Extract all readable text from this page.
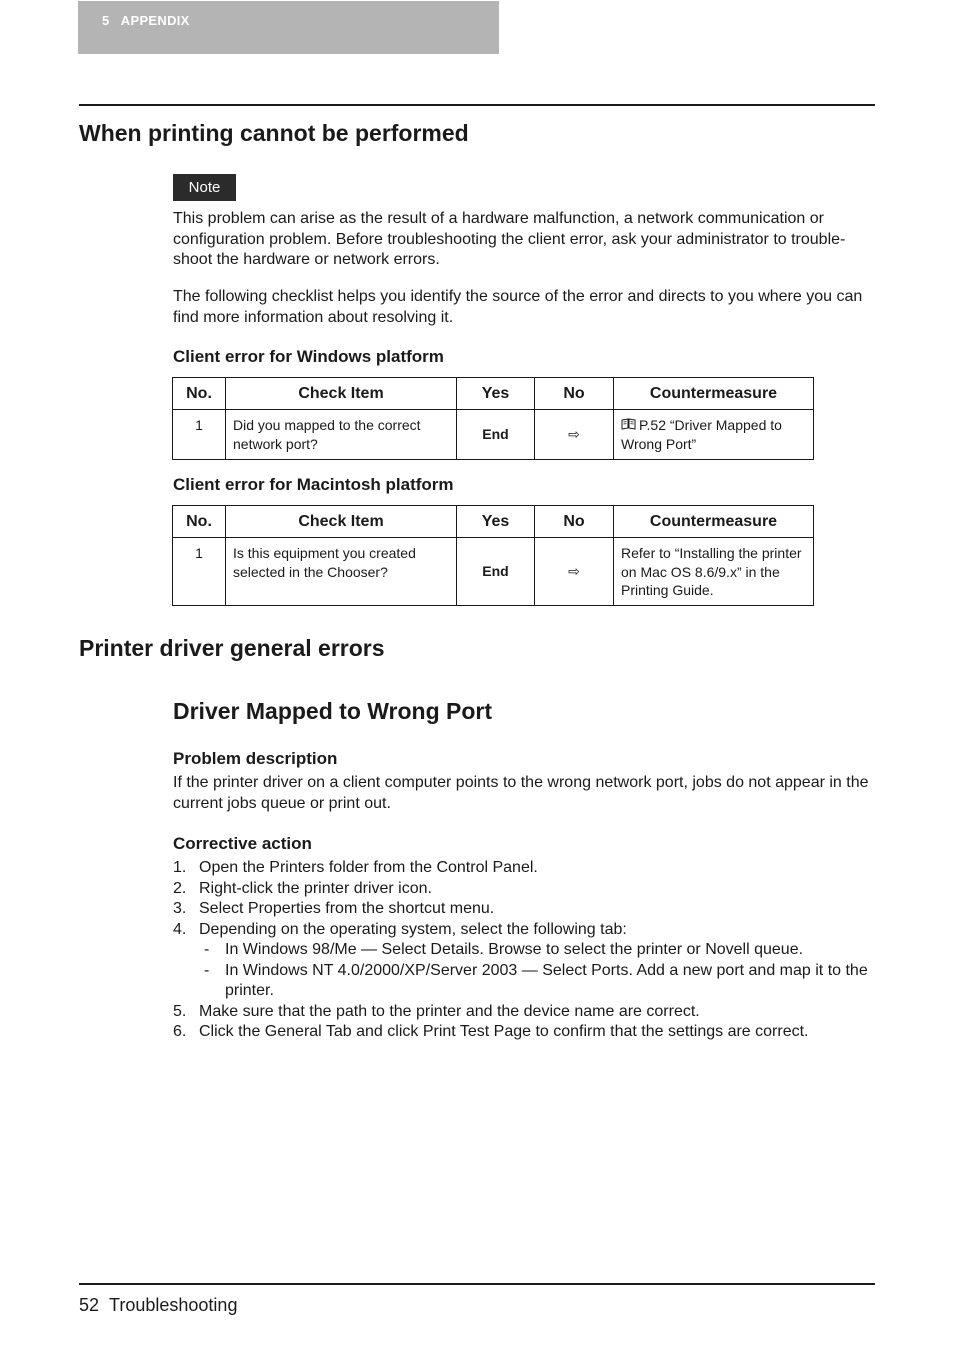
5   APPENDIX
When printing cannot be performed
Note

This problem can arise as the result of a hardware malfunction, a network communication or configuration problem. Before troubleshooting the client error, ask your administrator to trouble-shoot the hardware or network errors.

The following checklist helps you identify the source of the error and directs to you where you can find more information about resolving it.

Client error for Windows platform
No.	Check Item	Yes	No	Countermeasure
1	Did you mapped to the correct network port?	End	⇨	P.52 “Driver Mapped to Wrong Port”
Client error for Macintosh platform
No.	Check Item	Yes	No	Countermeasure
1	Is this equipment you created selected in the Chooser?	End	⇨	Refer to “Installing the printer on Mac OS 8.6/9.x” in the Printing Guide.
Printer driver general errors
Driver Mapped to Wrong Port
Problem description

If the printer driver on a client computer points to the wrong network port, jobs do not appear in the current jobs queue or print out.

Corrective action
1. Open the Printers folder from the Control Panel.
2. Right-click the printer driver icon.
3. Select Properties from the shortcut menu.
4. Depending on the operating system, select the following tab:
- In Windows 98/Me — Select Details. Browse to select the printer or Novell queue.
- In Windows NT 4.0/2000/XP/Server 2003 — Select Ports. Add a new port and map it to the printer.
5. Make sure that the path to the printer and the device name are correct.
6. Click the General Tab and click Print Test Page to confirm that the settings are correct.
52 Troubleshooting
